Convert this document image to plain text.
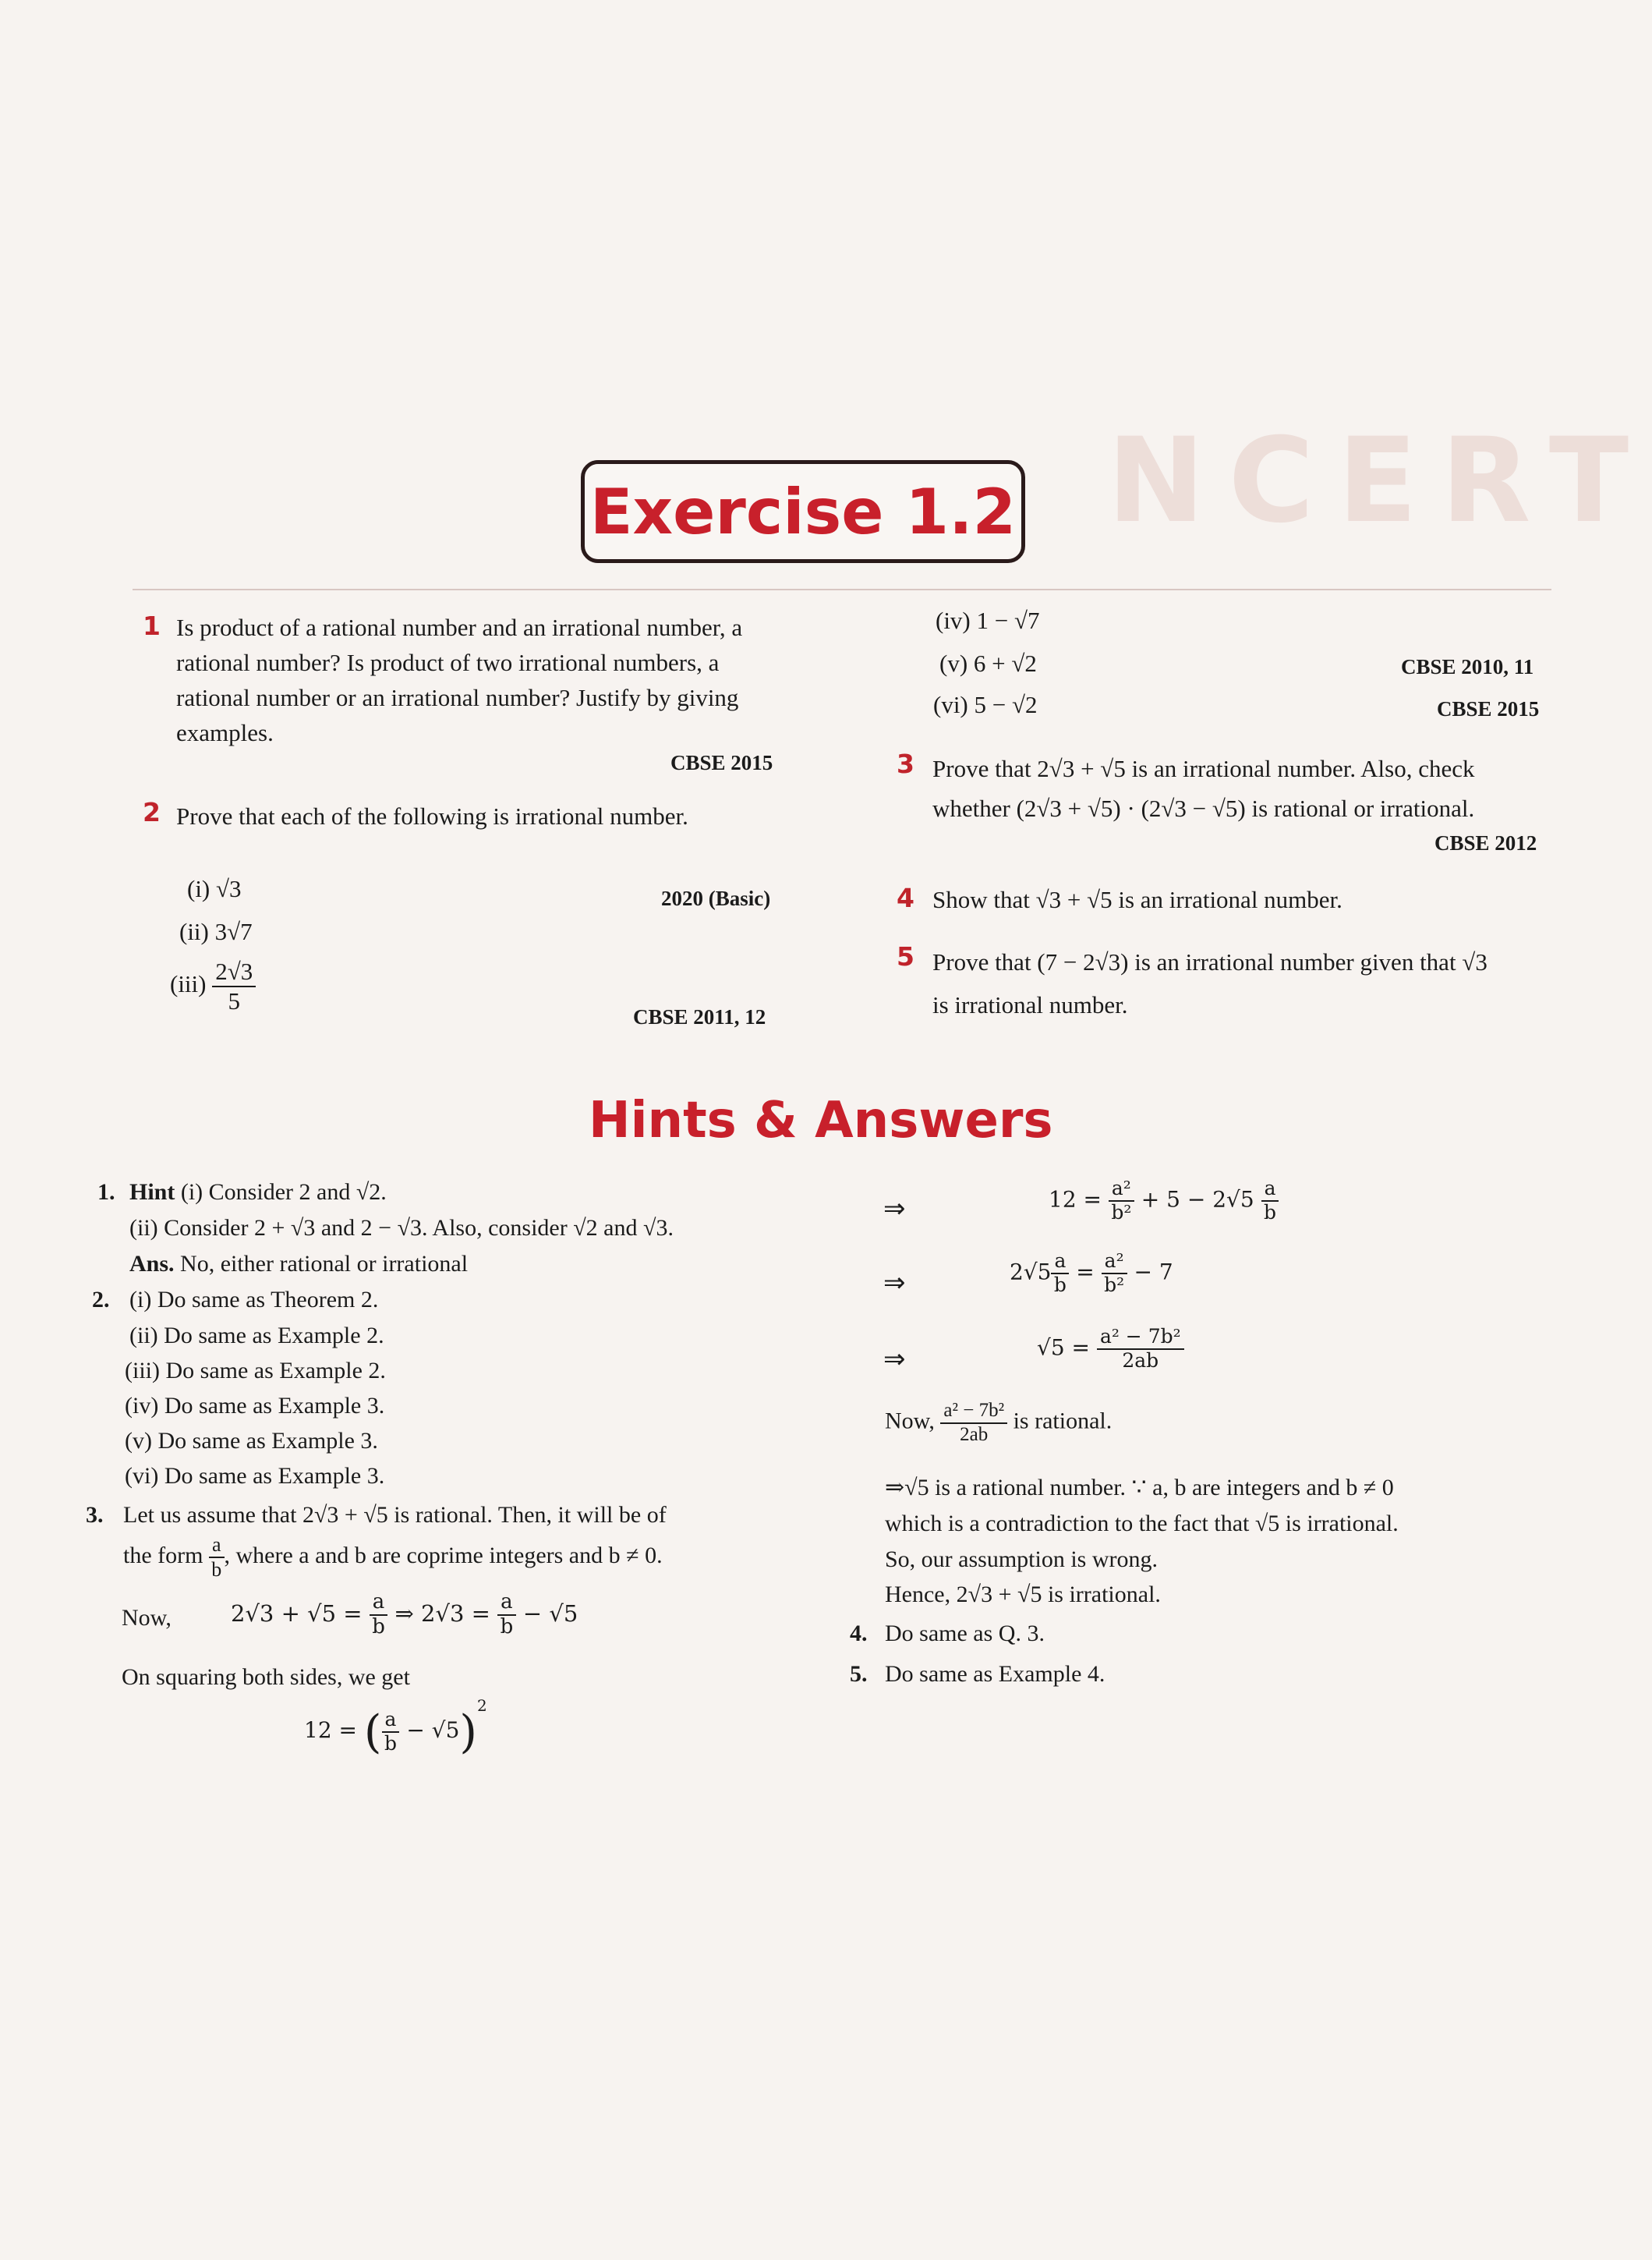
NCERT
Exercise 1.2
1 Is product of a rational number and an irrational number, a rational number? Is product of two irrational numbers, a rational number or an irrational number? Justify by giving examples.
CBSE 2015
2 Prove that each of the following is irrational number.
(i) √3	2020 (Basic)
(ii) 3√7
$(iii) \frac{2√3}{5}$
CBSE 2011, 12
(iv) 1 − √7
(v) 6 + √2	CBSE 2010, 11
(vi) 5 − √2	CBSE 2015
3 Prove that 2√3 + √5 is an irrational number. Also, check whether (2√3 + √5) · (2√3 − √5) is rational or irrational.
CBSE 2012
4 Show that √3 + √5 is an irrational number.
5 Prove that (7 − 2√3) is an irrational number given that √3 is irrational number.
Hints & Answers
1. Hint (i) Consider 2 and √2.
(ii) Consider 2 + √3 and 2 − √3. Also, consider √2 and √3.
Ans. No, either rational or irrational
2. (i) Do same as Theorem 2.
(ii) Do same as Example 2.
(iii) Do same as Example 2.
(iv) Do same as Example 3.
(v) Do same as Example 3.
(vi) Do same as Example 3.
3. Let us assume that 2√3 + √5 is rational. Then, it will be of
the form $\frac{a}{b}$ , where a and b are coprime integers and b ≠ 0.
Now,	$2√3 + √5 = \frac{a}{b}$ ⇒ $2√3 = \frac{a}{b} - √5$
On squaring both sides, we get
12 = ( $\frac{a}{b} - √5)^2$
⇒	$12 = \frac{\text{a²}}{\text{b²}} + 5 - 2√5 \frac{a}{b}$
⇒	$2√5 \frac{a}{b} = \frac{\text{a²}}{\text{b²}} - 7$
⇒	$√5 = \frac{\text{a² − 7b²}}{2ab}$
Now, $\frac{\text{a² − 7b²}}{2ab}$ is rational.
⇒√5 is a rational number. ∵ a, b are integers and b ≠ 0
which is a contradiction to the fact that √5 is irrational.
So, our assumption is wrong.
Hence, 2√3 + √5 is irrational.
4. Do same as Q. 3.
5. Do same as Example 4.
